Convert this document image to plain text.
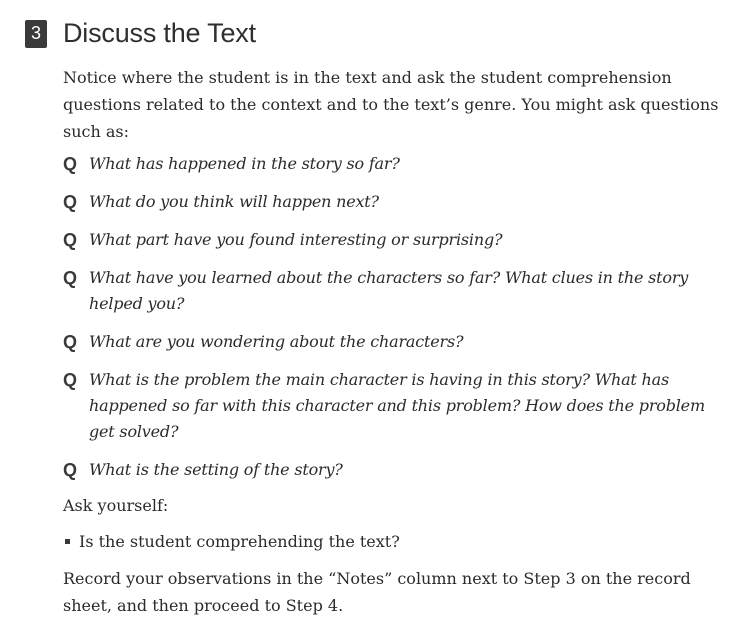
3 Discuss the Text

Notice where the student is in the text and ask the student comprehension questions related to the context and to the text’s genre. You might ask questions such as:

Q What has happened in the story so far?
Q What do you think will happen next?
Q What part have you found interesting or surprising?
Q What have you learned about the characters so far? What clues in the story helped you?
Q What are you wondering about the characters?
Q What is the problem the main character is having in this story? What has happened so far with this character and this problem? How does the problem get solved?
Q What is the setting of the story?

Ask yourself:

Is the student comprehending the text?

Record your observations in the “Notes” column next to Step 3 on the record sheet, and then proceed to Step 4.
